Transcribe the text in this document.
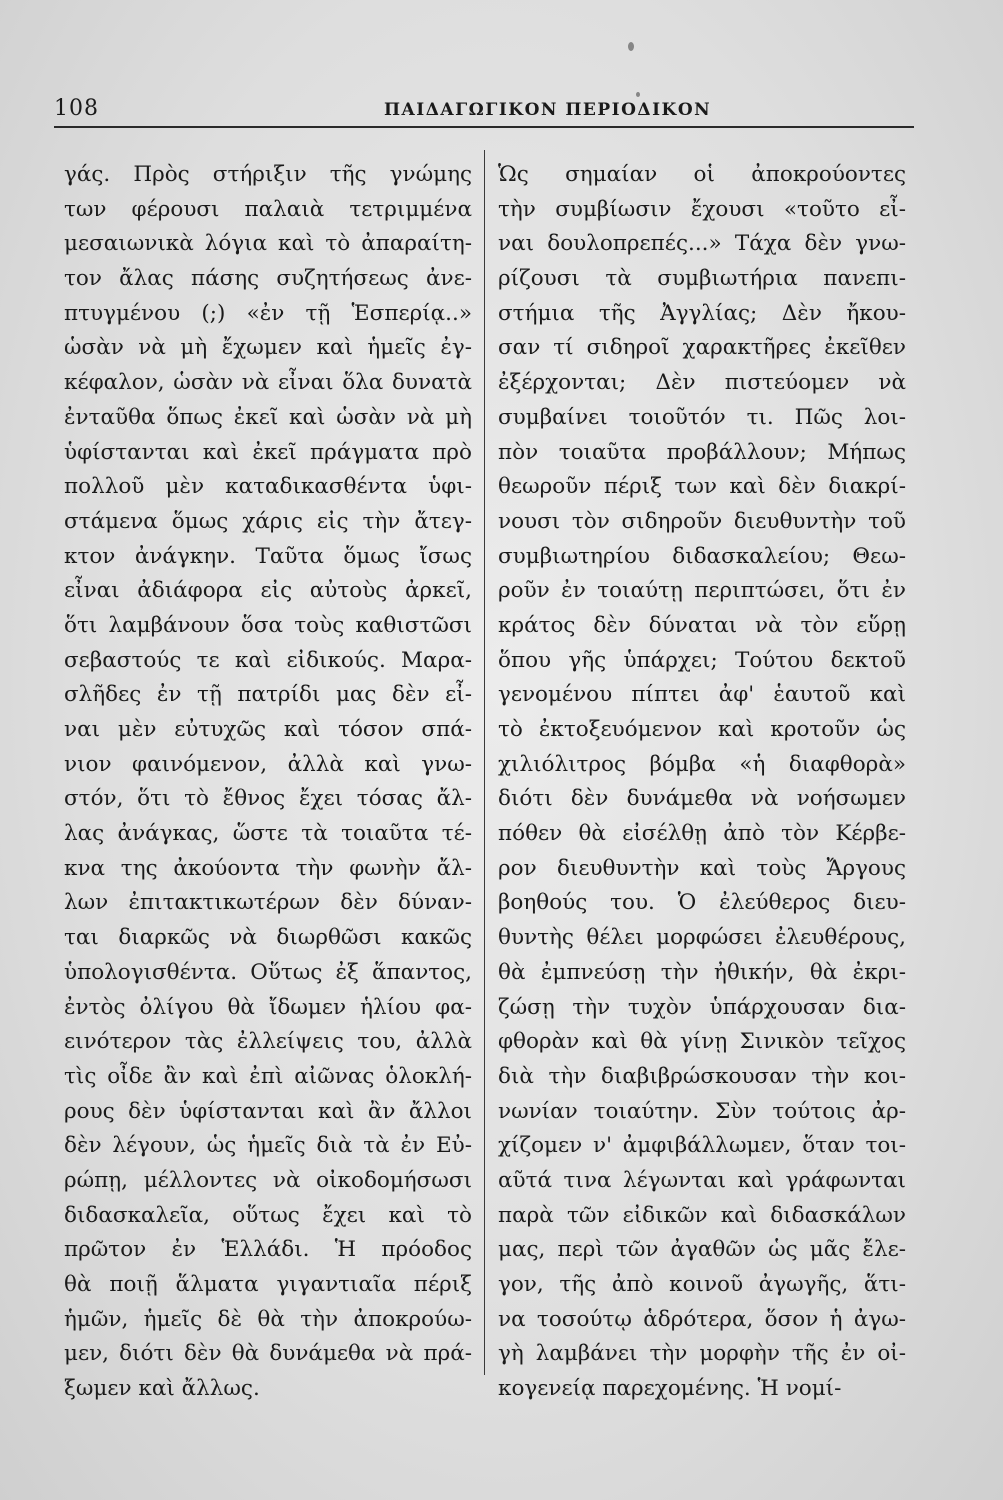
108	ΠΑΙΔΑΓΩΓΙΚΟΝ ΠΕΡΙΟΔΙΚΟΝ
γάς. Πρὸς στήριξιν τῆς γνώμης
των φέρουσι παλαιὰ τετριμμένα
μεσαιωνικὰ λόγια καὶ τὸ ἀπαραίτη-
τον ἄλας πάσης συζητήσεως ἀνε-
πτυγμένου (;) «ἐν τῇ Ἑσπερίᾳ..»
ὡσὰν νὰ μὴ ἔχωμεν καὶ ἡμεῖς ἐγ-
κέφαλον, ὡσὰν νὰ εἶναι ὅλα δυνατὰ
ἐνταῦθα ὅπως ἐκεῖ καὶ ὡσὰν νὰ μὴ
ὑφίστανται καὶ ἐκεῖ πράγματα πρὸ
πολλοῦ μὲν καταδικασθέντα ὑφι-
στάμενα ὅμως χάρις εἰς τὴν ἄτεγ-
κτον ἀνάγκην. Ταῦτα ὅμως ἴσως
εἶναι ἀδιάφορα εἰς αὐτοὺς ἀρκεῖ,
ὅτι λαμβάνουν ὅσα τοὺς καθιστῶσι
σεβαστούς τε καὶ εἰδικούς. Μαρα-
σλῆδες ἐν τῇ πατρίδι μας δὲν εἶ-
ναι μὲν εὐτυχῶς καὶ τόσον σπά-
νιον φαινόμενον, ἀλλὰ καὶ γνω-
στόν, ὅτι τὸ ἔθνος ἔχει τόσας ἄλ-
λας ἀνάγκας, ὥστε τὰ τοιαῦτα τέ-
κνα της ἀκούοντα τὴν φωνὴν ἄλ-
λων ἐπιτακτικωτέρων δὲν δύναν-
ται διαρκῶς νὰ διωρθῶσι κακῶς
ὑπολογισθέντα. Οὕτως ἐξ ἅπαντος,
ἐντὸς ὀλίγου θὰ ἴδωμεν ἡλίου φα-
εινότερον τὰς ἐλλείψεις του, ἀλλὰ
τὶς οἶδε ἂν καὶ ἐπὶ αἰῶνας ὁλοκλή-
ρους δὲν ὑφίστανται καὶ ἂν ἄλλοι
δὲν λέγουν, ὡς ἡμεῖς διὰ τὰ ἐν Εὐ-
ρώπῃ, μέλλοντες νὰ οἰκοδομήσωσι
διδασκαλεῖα, οὕτως ἔχει καὶ τὸ
πρῶτον ἐν Ἑλλάδι. Ἡ πρόοδος
θὰ ποιῇ ἅλματα γιγαντιαῖα πέριξ
ἡμῶν, ἡμεῖς δὲ θὰ τὴν ἀποκρούω-
μεν, διότι δὲν θὰ δυνάμεθα νὰ πρά-
ξωμεν καὶ ἄλλως.
Ὡς σημαίαν οἱ ἀποκρούοντες
τὴν συμβίωσιν ἔχουσι «τοῦτο εἶ-
ναι δουλοπρεπές...» Τάχα δὲν γνω-
ρίζουσι τὰ συμβιωτήρια πανεπι-
στήμια τῆς Ἀγγλίας; Δὲν ἤκου-
σαν τί σιδηροῖ χαρακτῆρες ἐκεῖθεν
ἐξέρχονται; Δὲν πιστεύομεν νὰ
συμβαίνει τοιοῦτόν τι. Πῶς λοι-
πὸν τοιαῦτα προβάλλουν; Μήπως
θεωροῦν πέριξ των καὶ δὲν διακρί-
νουσι τὸν σιδηροῦν διευθυντὴν τοῦ
συμβιωτηρίου διδασκαλείου; Θεω-
ροῦν ἐν τοιαύτῃ περιπτώσει, ὅτι ἐν
κράτος δὲν δύναται νὰ τὸν εὕρῃ
ὅπου γῆς ὑπάρχει; Τούτου δεκτοῦ
γενομένου πίπτει ἀφ' ἑαυτοῦ καὶ
τὸ ἐκτοξευόμενον καὶ κροτοῦν ὡς
χιλιόλιτρος βόμβα «ἡ διαφθορὰ»
διότι δὲν δυνάμεθα νὰ νοήσωμεν
πόθεν θὰ εἰσέλθῃ ἀπὸ τὸν Κέρβε-
ρον διευθυντὴν καὶ τοὺς Ἄργους
βοηθούς του. Ὁ ἐλεύθερος διευ-
θυντὴς θέλει μορφώσει ἐλευθέρους,
θὰ ἐμπνεύσῃ τὴν ἠθικήν, θὰ ἐκρι-
ζώσῃ τὴν τυχὸν ὑπάρχουσαν δια-
φθορὰν καὶ θὰ γίνῃ Σινικὸν τεῖχος
διὰ τὴν διαβιβρώσκουσαν τὴν κοι-
νωνίαν τοιαύτην. Σὺν τούτοις ἀρ-
χίζομεν ν' ἀμφιβάλλωμεν, ὅταν τοι-
αῦτά τινα λέγωνται καὶ γράφωνται
παρὰ τῶν εἰδικῶν καὶ διδασκάλων
μας, περὶ τῶν ἀγαθῶν ὡς μᾶς ἔλε-
γον, τῆς ἀπὸ κοινοῦ ἀγωγῆς, ἅτι-
να τοσούτῳ ἁδρότερα, ὅσον ἡ ἀγω-
γὴ λαμβάνει τὴν μορφὴν τῆς ἐν οἰ-
κογενείᾳ παρεχομένης. Ἡ νομί-
